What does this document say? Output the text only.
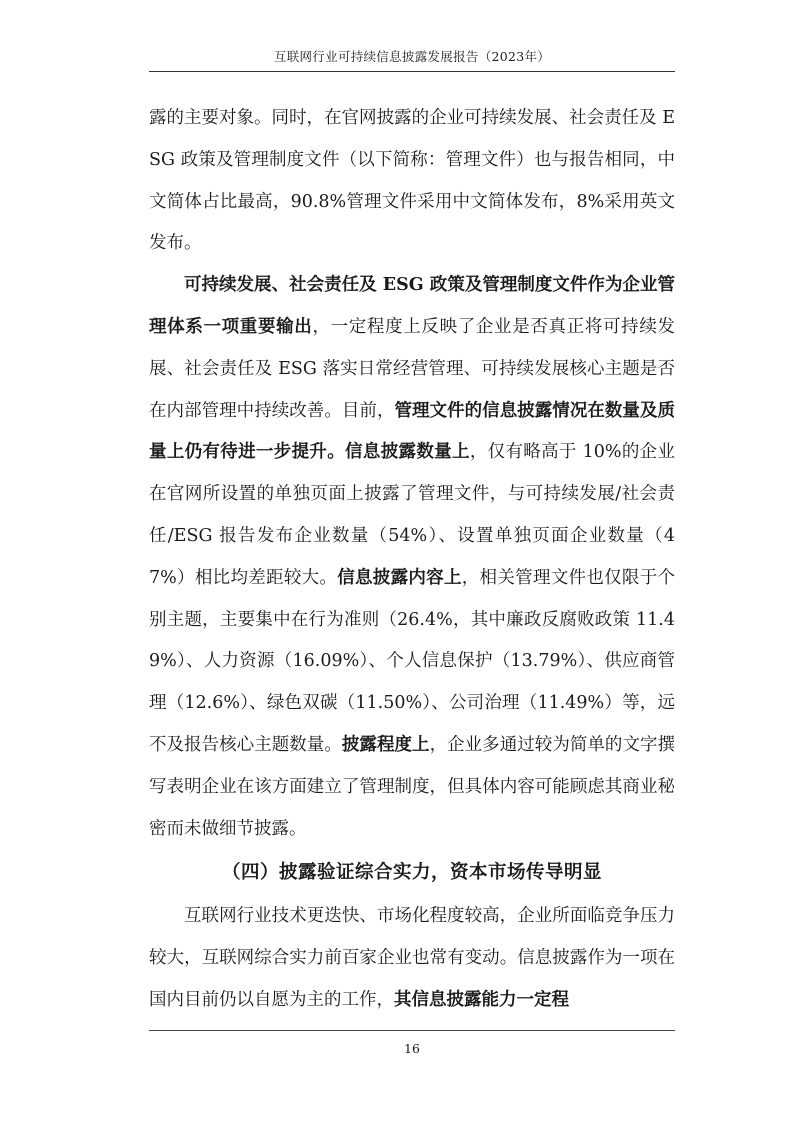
互联网行业可持续信息披露发展报告（2023年）

露的主要对象。同时，在官网披露的企业可持续发展、社会责任及 ESG 政策及管理制度文件（以下简称：管理文件）也与报告相同，中文简体占比最高，90.8%管理文件采用中文简体发布，8%采用英文发布。

可持续发展、社会责任及 ESG 政策及管理制度文件作为企业管理体系一项重要输出，一定程度上反映了企业是否真正将可持续发展、社会责任及 ESG 落实日常经营管理、可持续发展核心主题是否在内部管理中持续改善。目前，管理文件的信息披露情况在数量及质量上仍有待进一步提升。信息披露数量上，仅有略高于 10%的企业在官网所设置的单独页面上披露了管理文件，与可持续发展/社会责任/ESG 报告发布企业数量（54%）、设置单独页面企业数量（47%）相比均差距较大。信息披露内容上，相关管理文件也仅限于个别主题，主要集中在行为准则（26.4%，其中廉政反腐败政策 11.49%）、人力资源（16.09%）、个人信息保护（13.79%）、供应商管理（12.6%）、绿色双碳（11.50%）、公司治理（11.49%）等，远不及报告核心主题数量。披露程度上，企业多通过较为简单的文字撰写表明企业在该方面建立了管理制度，但具体内容可能顾虑其商业秘密而未做细节披露。

（四）披露验证综合实力，资本市场传导明显

互联网行业技术更迭快、市场化程度较高，企业所面临竞争压力较大，互联网综合实力前百家企业也常有变动。信息披露作为一项在国内目前仍以自愿为主的工作，其信息披露能力一定程

16
